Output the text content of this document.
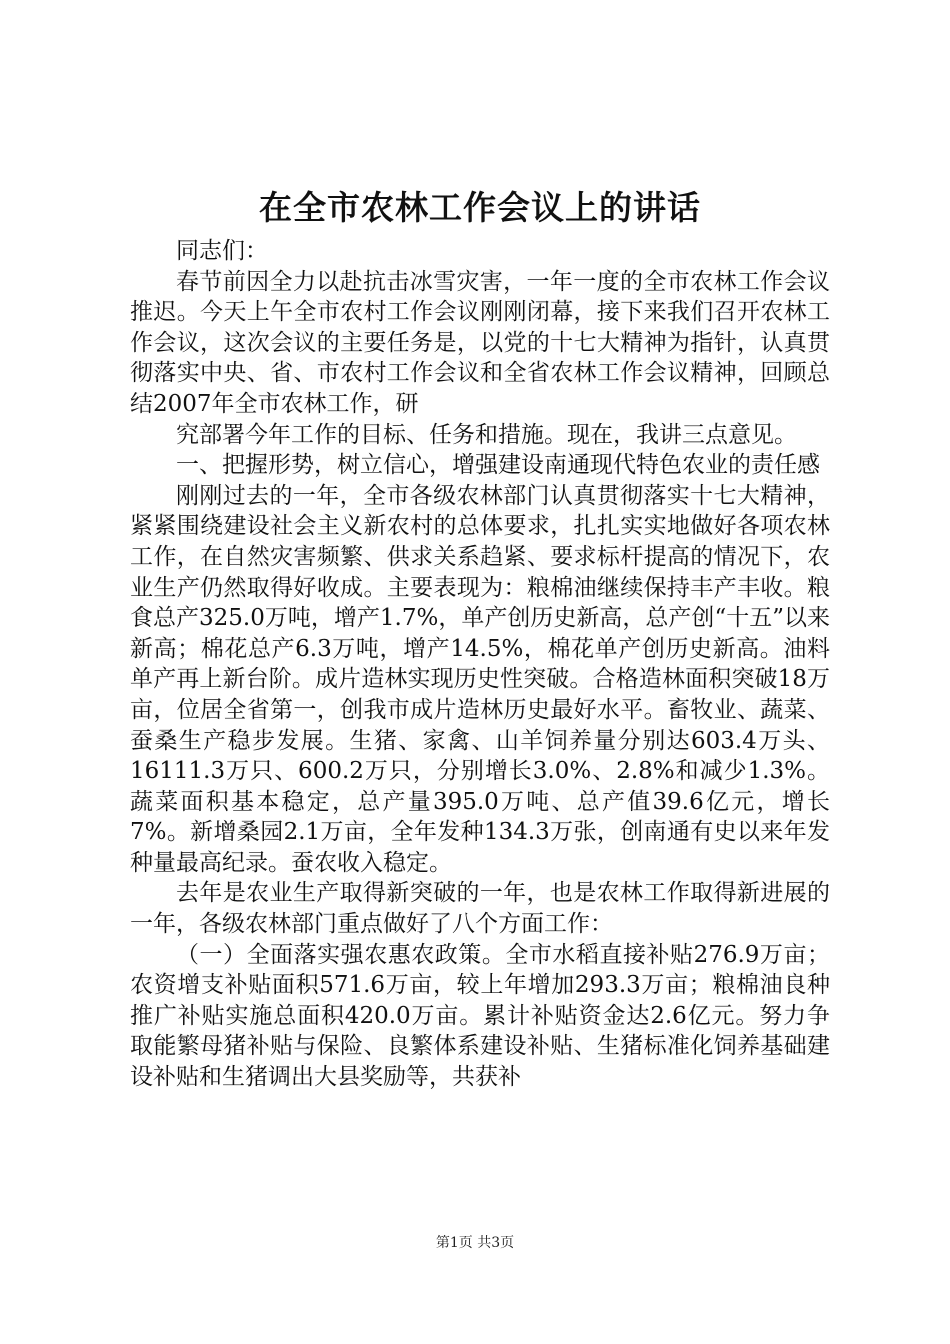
在全市农林工作会议上的讲话

同志们：

春节前因全力以赴抗击冰雪灾害，一年一度的全市农林工作会议推迟。今天上午全市农村工作会议刚刚闭幕，接下来我们召开农林工作会议，这次会议的主要任务是，以党的十七大精神为指针，认真贯彻落实中央、省、市农村工作会议和全省农林工作会议精神，回顾总结2007年全市农林工作，研

究部署今年工作的目标、任务和措施。现在，我讲三点意见。

一、把握形势，树立信心，增强建设南通现代特色农业的责任感

刚刚过去的一年，全市各级农林部门认真贯彻落实十七大精神，紧紧围绕建设社会主义新农村的总体要求，扎扎实实地做好各项农林工作，在自然灾害频繁、供求关系趋紧、要求标杆提高的情况下，农业生产仍然取得好收成。主要表现为：粮棉油继续保持丰产丰收。粮食总产325.0万吨，增产1.7%，单产创历史新高，总产创“十五”以来新高；棉花总产6.3万吨，增产14.5%，棉花单产创历史新高。油料单产再上新台阶。成片造林实现历史性突破。合格造林面积突破18万亩，位居全省第一，创我市成片造林历史最好水平。畜牧业、蔬菜、蚕桑生产稳步发展。生猪、家禽、山羊饲养量分别达603.4万头、16111.3万只、600.2万只，分别增长3.0%、2.8%和减少1.3%。蔬菜面积基本稳定，总产量395.0万吨、总产值39.6亿元，增长7%。新增桑园2.1万亩，全年发种134.3万张，创南通有史以来年发种量最高纪录。蚕农收入稳定。

去年是农业生产取得新突破的一年，也是农林工作取得新进展的一年，各级农林部门重点做好了八个方面工作：

（一）全面落实强农惠农政策。全市水稻直接补贴276.9万亩；农资增支补贴面积571.6万亩，较上年增加293.3万亩；粮棉油良种推广补贴实施总面积420.0万亩。累计补贴资金达2.6亿元。努力争取能繁母猪补贴与保险、良繁体系建设补贴、生猪标准化饲养基础建设补贴和生猪调出大县奖励等，共获补

第1页 共3页
